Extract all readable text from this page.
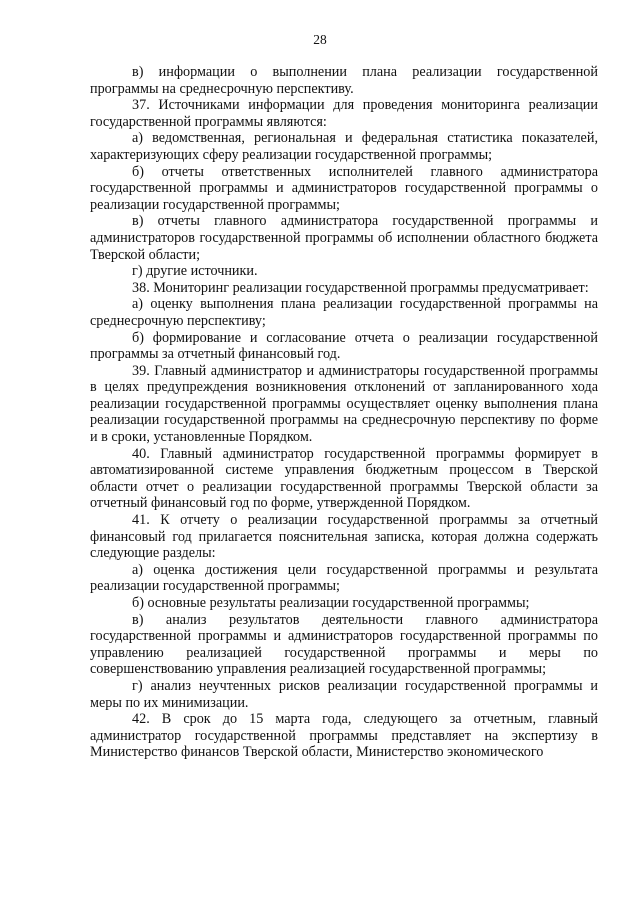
28

в) информации о выполнении плана реализации государственной программы на среднесрочную перспективу.

37. Источниками информации для проведения мониторинга реализации государственной программы являются:

а) ведомственная, региональная и федеральная статистика показателей, характеризующих сферу реализации государственной программы;

б) отчеты ответственных исполнителей главного администратора государственной программы и администраторов государственной программы о реализации государственной программы;

в) отчеты главного администратора государственной программы и администраторов государственной программы об исполнении областного бюджета Тверской области;

г) другие источники.

38. Мониторинг реализации государственной программы предусматривает:

а) оценку выполнения плана реализации государственной программы на среднесрочную перспективу;

б) формирование и согласование отчета о реализации государственной программы за отчетный финансовый год.

39. Главный администратор и администраторы государственной программы в целях предупреждения возникновения отклонений от запланированного хода реализации государственной программы осуществляет оценку выполнения плана реализации государственной программы на среднесрочную перспективу по форме и в сроки, установленные Порядком.

40. Главный администратор государственной программы формирует в автоматизированной системе управления бюджетным процессом в Тверской области отчет о реализации государственной программы Тверской области за отчетный финансовый год по форме, утвержденной Порядком.

41. К отчету о реализации государственной программы за отчетный финансовый год прилагается пояснительная записка, которая должна содержать следующие разделы:

а) оценка достижения цели государственной программы и результата реализации государственной программы;

б) основные результаты реализации государственной программы;

в) анализ результатов деятельности главного администратора государственной программы и администраторов государственной программы по управлению реализацией государственной программы и меры по совершенствованию управления реализацией государственной программы;

г) анализ неучтенных рисков реализации государственной программы и меры по их минимизации.

42. В срок до 15 марта года, следующего за отчетным, главный администратор государственной программы представляет на экспертизу в Министерство финансов Тверской области, Министерство экономического
